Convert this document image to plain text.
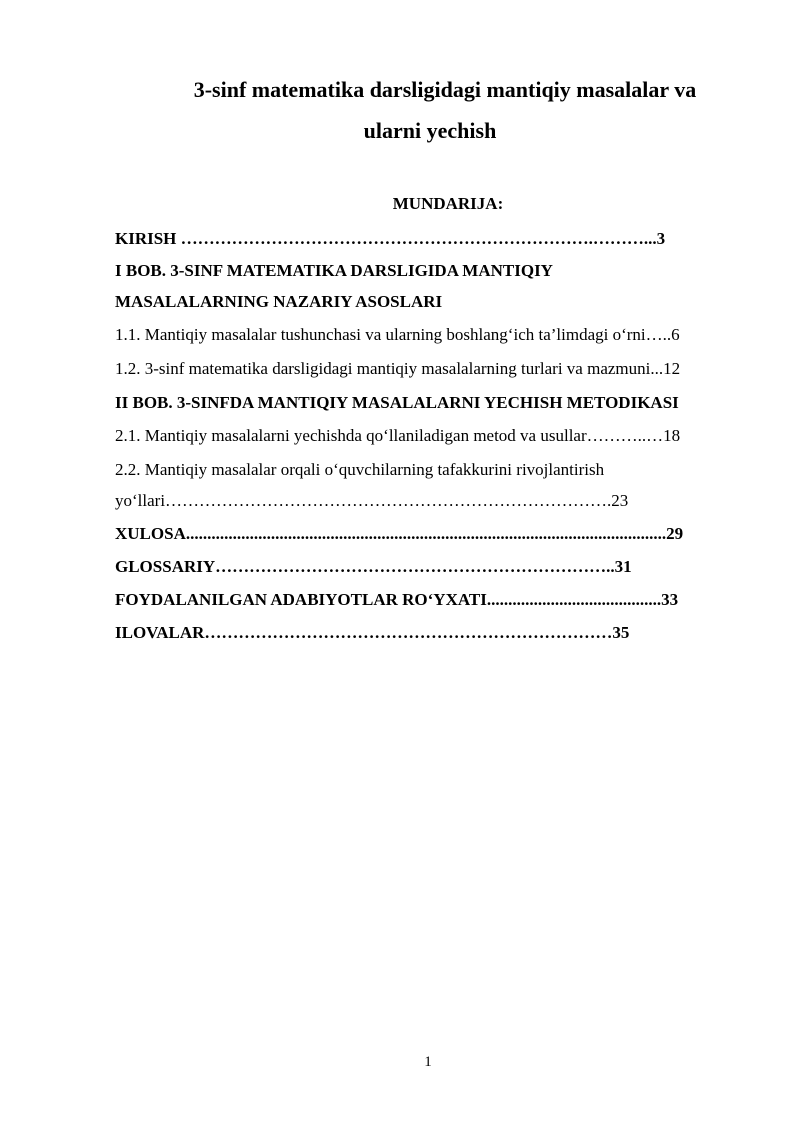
3-sinf matematika darsligidagi mantiqiy masalalar va
ularni yechish
MUNDARIJA:
KIRISH ……………………………………………………………….………...3
I BOB. 3-SINF MATEMATIKA DARSLIGIDA MANTIQIY
MASALALARNING NAZARIY ASOSLARI
1.1. Mantiqiy masalalar tushunchasi va ularning boshlang‘ich ta’limdagi o‘rni…..6
1.2. 3-sinf matematika darsligidagi mantiqiy masalalarning turlari va mazmuni...12
II BOB. 3-SINFDA MANTIQIY MASALALARNI YECHISH METODIKASI
2.1. Mantiqiy masalalarni yechishda qo‘llaniladigan metod va usullar………..…18
2.2. Mantiqiy masalalar orqali o‘quvchilarning tafakkurini rivojlantirish
yo‘llari…………………………………………………………………….23
XULOSA.................................................................................................................29
GLOSSARIY……………………………………………………………..31
FOYDALANILGAN ADABIYOTLAR RO‘YXATI.........................................33
ILOVALAR………………………………………………………………35
1
